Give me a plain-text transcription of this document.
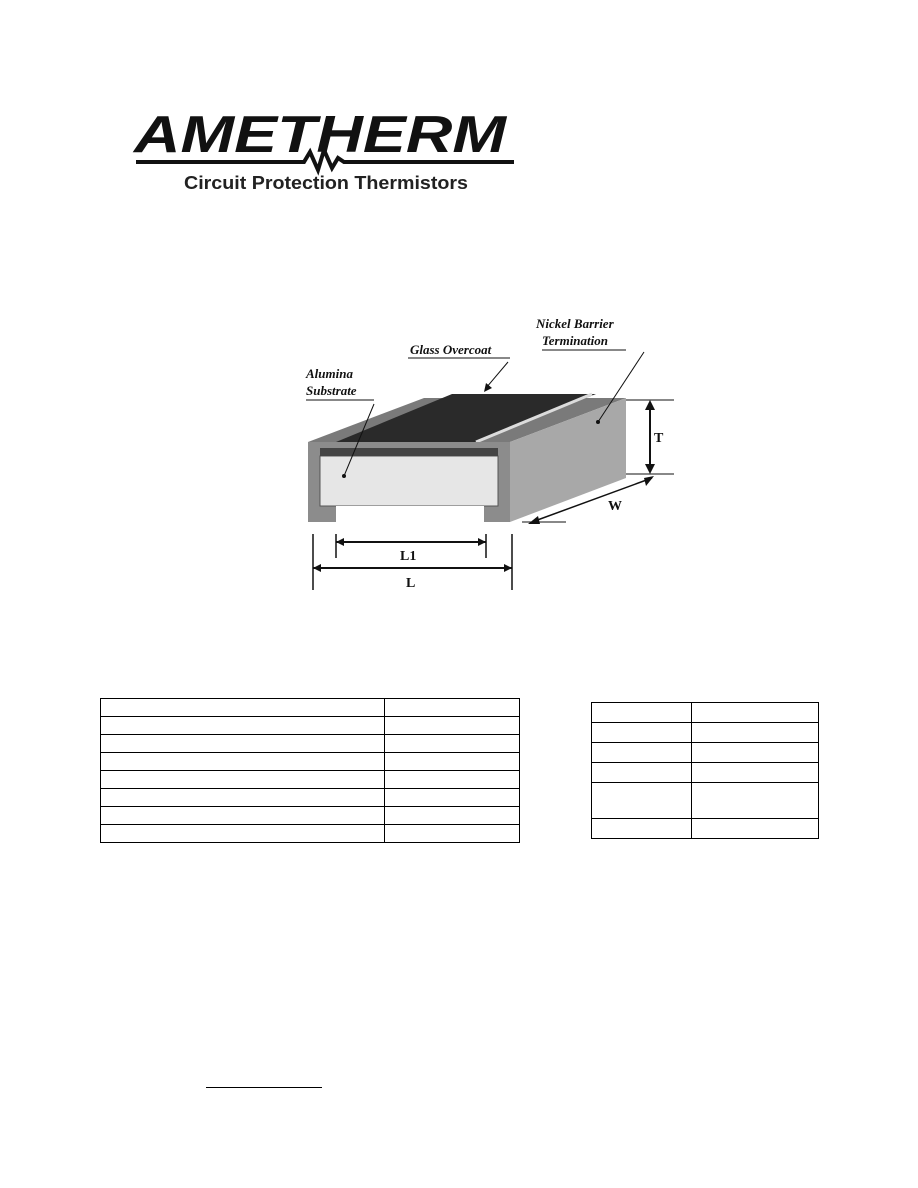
AMETHERM
Circuit Protection Thermistors
Nickel Barrier
Termination
Glass Overcoat
Alumina
Substrate
T
W
L1
L
